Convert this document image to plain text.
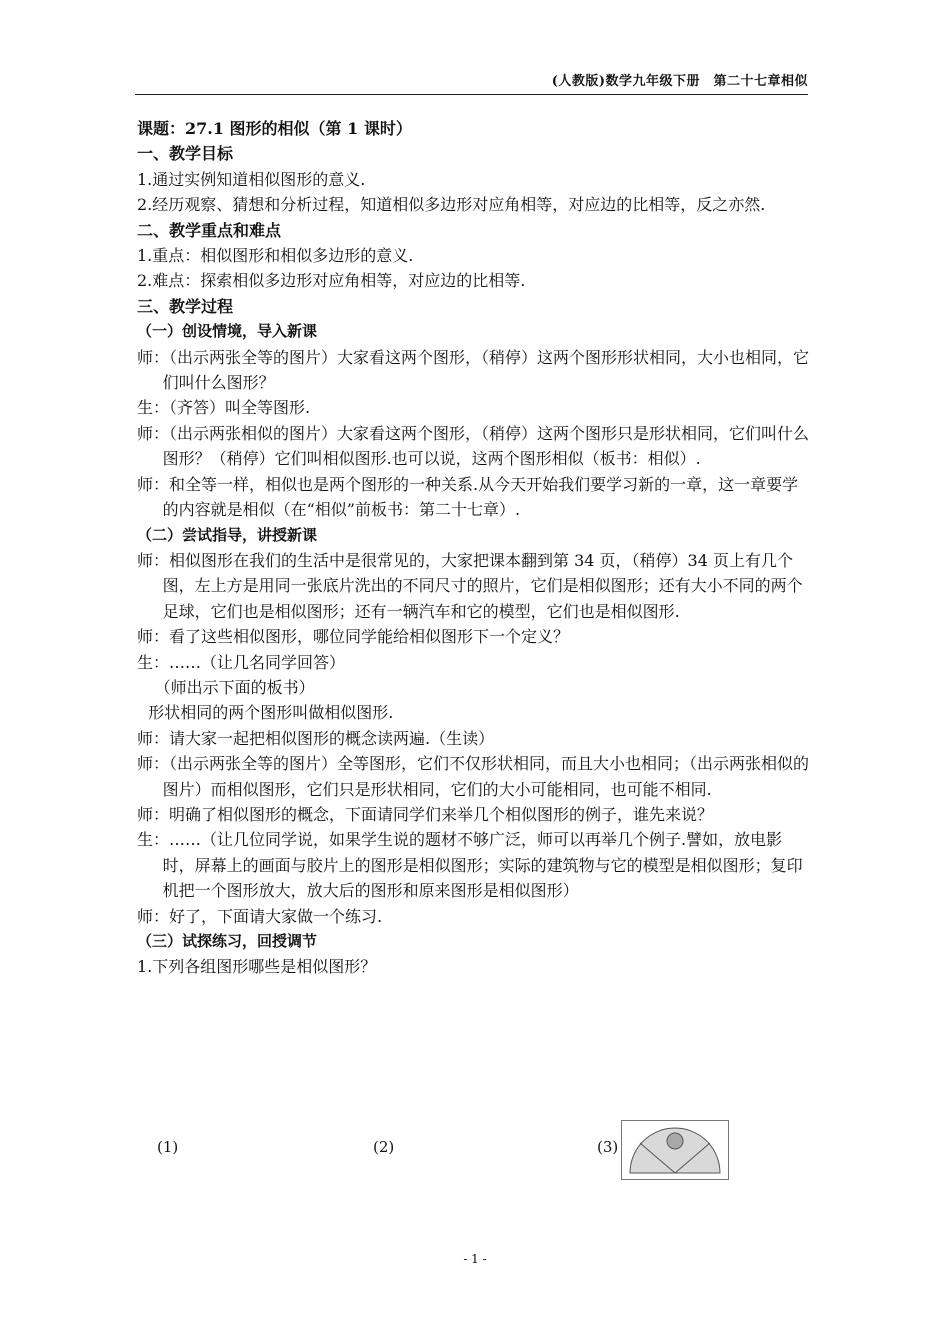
(人教版)数学九年级下册　第二十七章相似

课题：27.1 图形的相似（第 1 课时）

一、教学目标

1.通过实例知道相似图形的意义.

2.经历观察、猜想和分析过程，知道相似多边形对应角相等，对应边的比相等，反之亦然.

二、教学重点和难点

1.重点：相似图形和相似多边形的意义.

2.难点：探索相似多边形对应角相等，对应边的比相等.

三、教学过程

（一）创设情境，导入新课

师：（出示两张全等的图片）大家看这两个图形，（稍停）这两个图形形状相同，大小也相同，它们叫什么图形？

生：（齐答）叫全等图形.

师：（出示两张相似的图片）大家看这两个图形，（稍停）这两个图形只是形状相同，它们叫什么图形？（稍停）它们叫相似图形.也可以说，这两个图形相似（板书：相似）.

师：和全等一样，相似也是两个图形的一种关系.从今天开始我们要学习新的一章，这一章要学的内容就是相似（在“相似”前板书：第二十七章）.

（二）尝试指导，讲授新课

师：相似图形在我们的生活中是很常见的，大家把课本翻到第 34 页，（稍停）34 页上有几个图，左上方是用同一张底片洗出的不同尺寸的照片，它们是相似图形；还有大小不同的两个足球，它们也是相似图形；还有一辆汽车和它的模型，它们也是相似图形.

师：看了这些相似图形，哪位同学能给相似图形下一个定义？

生：……（让几名同学回答）

（师出示下面的板书）

形状相同的两个图形叫做相似图形.

师：请大家一起把相似图形的概念读两遍.（生读）

师：（出示两张全等的图片）全等图形，它们不仅形状相同，而且大小也相同；（出示两张相似的图片）而相似图形，它们只是形状相同，它们的大小可能相同，也可能不相同.

师：明确了相似图形的概念，下面请同学们来举几个相似图形的例子，谁先来说？

生：……（让几位同学说，如果学生说的题材不够广泛，师可以再举几个例子.譬如，放电影时，屏幕上的画面与胶片上的图形是相似图形；实际的建筑物与它的模型是相似图形；复印机把一个图形放大，放大后的图形和原来图形是相似图形）

师：好了，下面请大家做一个练习.

（三）试探练习，回授调节

1.下列各组图形哪些是相似图形？

(1)	(2)	(3)
- 1 -
